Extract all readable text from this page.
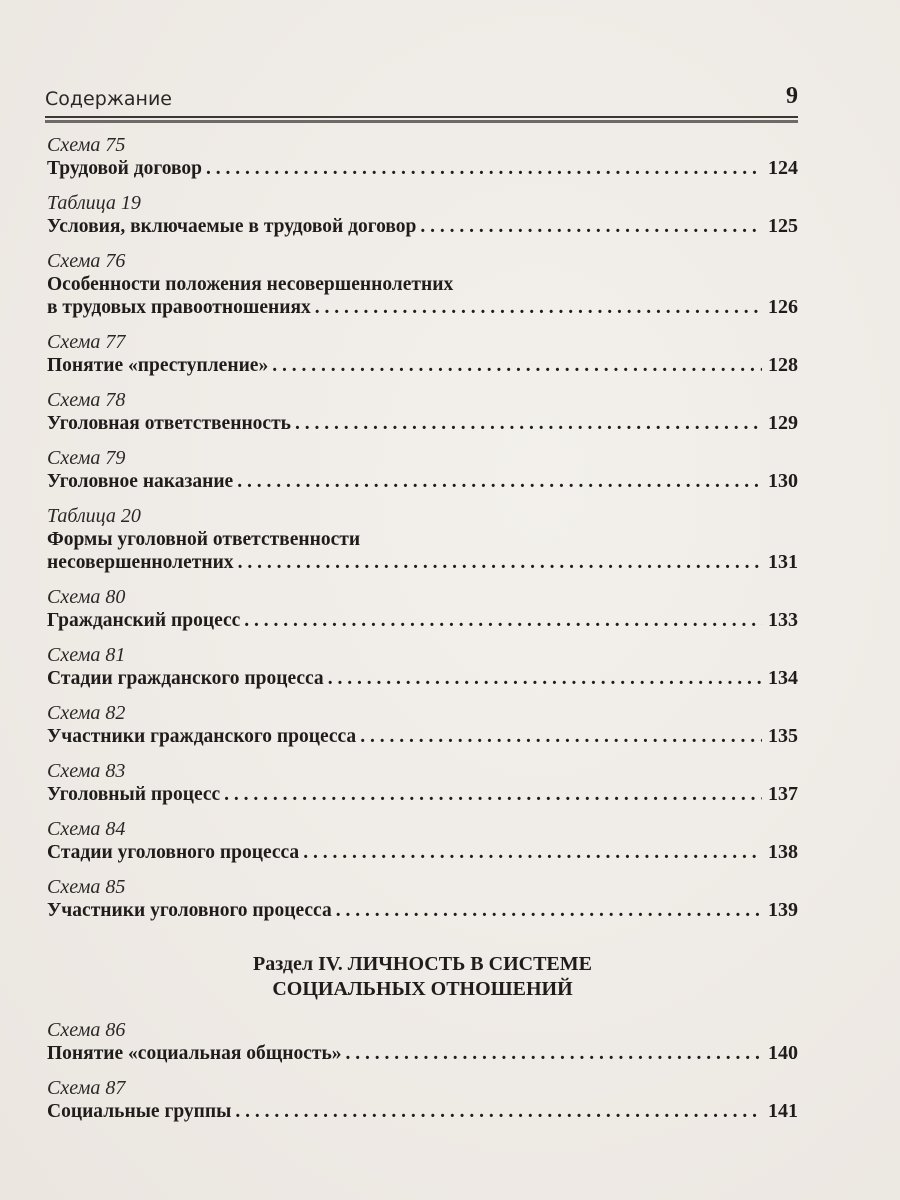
Содержание	9
Схема 75
Трудовой договор . . .	124
Таблица 19
Условия, включаемые в трудовой договор . . .	125
Схема 76
Особенности положения несовершеннолетних
в трудовых правоотношениях . . .	126
Схема 77
Понятие «преступление» . . .	128
Схема 78
Уголовная ответственность . . .	129
Схема 79
Уголовное наказание . . .	130
Таблица 20
Формы уголовной ответственности
несовершеннолетних . . .	131
Схема 80
Гражданский процесс . . .	133
Схема 81
Стадии гражданского процесса . . .	134
Схема 82
Участники гражданского процесса . . .	135
Схема 83
Уголовный процесс . . .	137
Схема 84
Стадии уголовного процесса . . .	138
Схема 85
Участники уголовного процесса . . .	139
Раздел IV. ЛИЧНОСТЬ В СИСТЕМЕ
СОЦИАЛЬНЫХ ОТНОШЕНИЙ
Схема 86
Понятие «социальная общность» . . .	140
Схема 87
Социальные группы . . .	141
